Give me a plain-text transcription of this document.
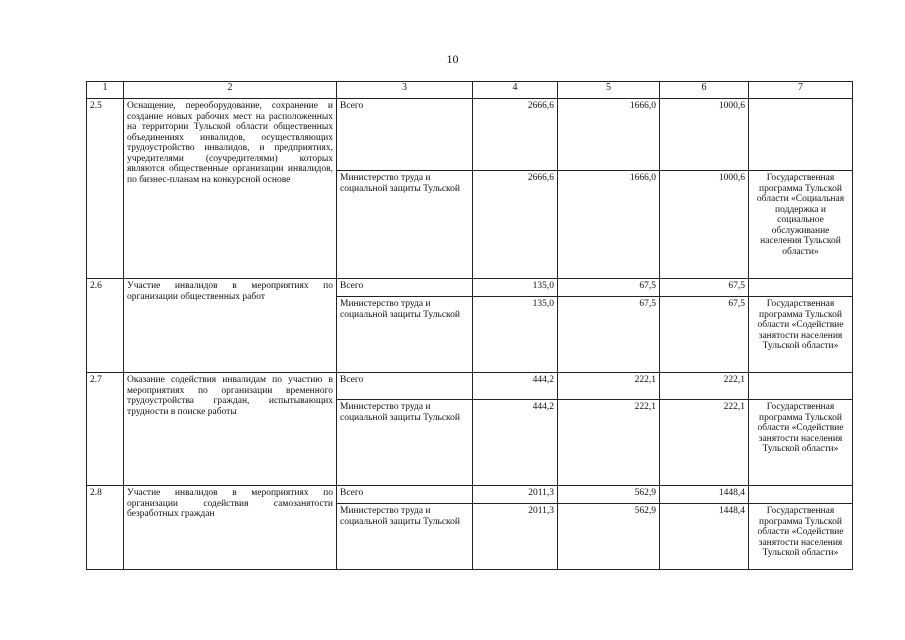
10
1	2	3	4	5	6	7
2.5	Оснащение, переоборудование, сохранение и создание новых рабочих мест на расположенных на территории Тульской области общественных объединениях инвалидов, осуществляющих трудоустройство инвалидов, и предприятиях, учредителями (соучредителями) которых являются общественные организации инвалидов, по бизнес-планам на конкурсной основе	Всего	2666,6	1666,0	1000,6	
		Министерство труда и социальной защиты Тульской	2666,6	1666,0	1000,6	Государственная программа Тульской области «Социальная поддержка и социальное обслуживание населения Тульской области»
2.6	Участие инвалидов в мероприятиях по организации общественных работ	Всего	135,0	67,5	67,5	
		Министерство труда и социальной защиты Тульской	135,0	67,5	67,5	Государственная программа Тульской области «Содействие занятости населения Тульской области»
2.7	Оказание содействия инвалидам по участию в мероприятиях по организации временного трудоустройства граждан, испытывающих трудности в поиске работы	Всего	444,2	222,1	222,1	
		Министерство труда и социальной защиты Тульской	444,2	222,1	222,1	Государственная программа Тульской области «Содействие занятости населения Тульской области»
2.8	Участие инвалидов в мероприятиях по организации содействия самозанятости безработных граждан	Всего	2011,3	562,9	1448,4	
		Министерство труда и социальной защиты Тульской	2011,3	562,9	1448,4	Государственная программа Тульской области «Содействие занятости населения Тульской области»
